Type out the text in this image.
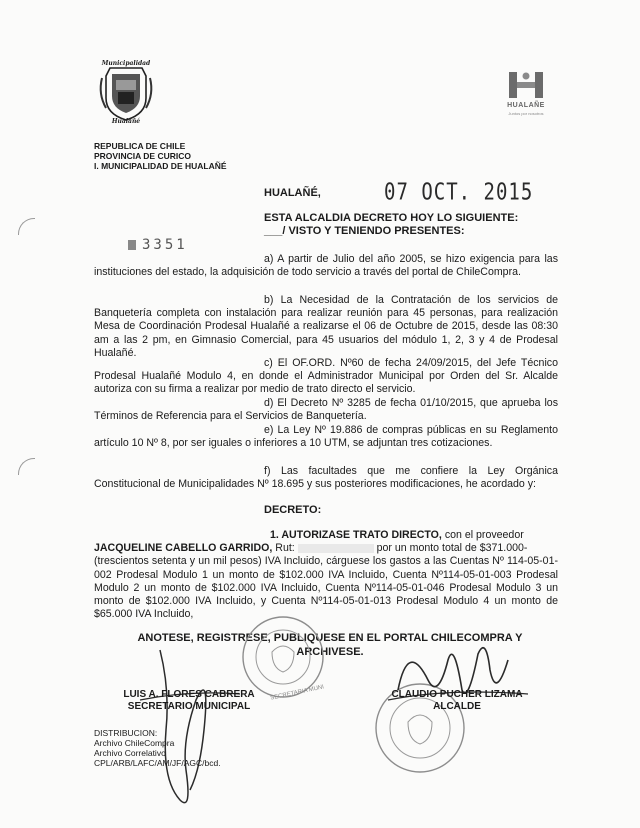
Municipalidad
Hualañé
HUALAÑE
Juntos por nosotros
REPUBLICA DE CHILE
PROVINCIA DE CURICO
I. MUNICIPALIDAD DE HUALAÑÉ
HUALAÑÉ,	07 OCT. 2015
ESTA ALCALDIA DECRETO HOY LO SIGUIENTE:
___/ VISTO Y TENIENDO PRESENTES:
3351
a) A partir de Julio del año 2005, se hizo exigencia para las instituciones del estado, la adquisición de todo servicio a través del portal de ChileCompra.
b) La Necesidad de la Contratación de los servicios de Banquetería completa con instalación para realizar reunión para 45 personas, para realización Mesa de Coordinación Prodesal Hualañé a realizarse el 06 de Octubre de 2015, desde las 08:30 am a las 2 pm, en Gimnasio Comercial, para 45 usuarios del módulo 1, 2, 3 y 4 de Prodesal Hualañé.
c) El OF.ORD. Nº60 de fecha 24/09/2015, del Jefe Técnico Prodesal Hualañé Modulo 4, en donde el Administrador Municipal por Orden del Sr. Alcalde autoriza con su firma a realizar por medio de trato directo el servicio.
d) El Decreto Nº 3285 de fecha 01/10/2015, que aprueba los Términos de Referencia para el Servicios de Banquetería.
e) La Ley Nº 19.886 de compras públicas en su Reglamento artículo 10 Nº 8, por ser iguales o inferiores a 10 UTM, se adjuntan tres cotizaciones.
f) Las facultades que me confiere la Ley Orgánica Constitucional de Municipalidades Nº 18.695 y sus posteriores modificaciones, he acordado y:
DECRETO:
1. AUTORIZASE TRATO DIRECTO, con el proveedor
JACQUELINE CABELLO GARRIDO, Rut:	por un monto total de $371.000-
(trescientos setenta y un mil pesos) IVA Incluido, cárguese los gastos a las Cuentas Nº 114-05-01-002 Prodesal Modulo 1 un monto de $102.000 IVA Incluido, Cuenta Nº114-05-01-003 Prodesal Modulo 2 un monto de $102.000 IVA Incluido, Cuenta Nº114-05-01-046 Prodesal Modulo 3 un monto de $102.000 IVA Incluido, y Cuenta Nº114-05-01-013 Prodesal Modulo 4 un monto de $65.000 IVA Incluido,
ANOTESE, REGISTRESE, PUBLIQUESE EN EL PORTAL CHILECOMPRA Y ARCHIVESE.
SECRETARIA MUNI
LUIS A. FLORES CABRERA
SECRETARIO MUNICIPAL
CLAUDIO PUCHER LIZAMA
ALCALDE
DISTRIBUCION:
Archivo ChileCompra
Archivo Correlativo
CPL/ARB/LAFC/AM/JF/AGC/bcd.
